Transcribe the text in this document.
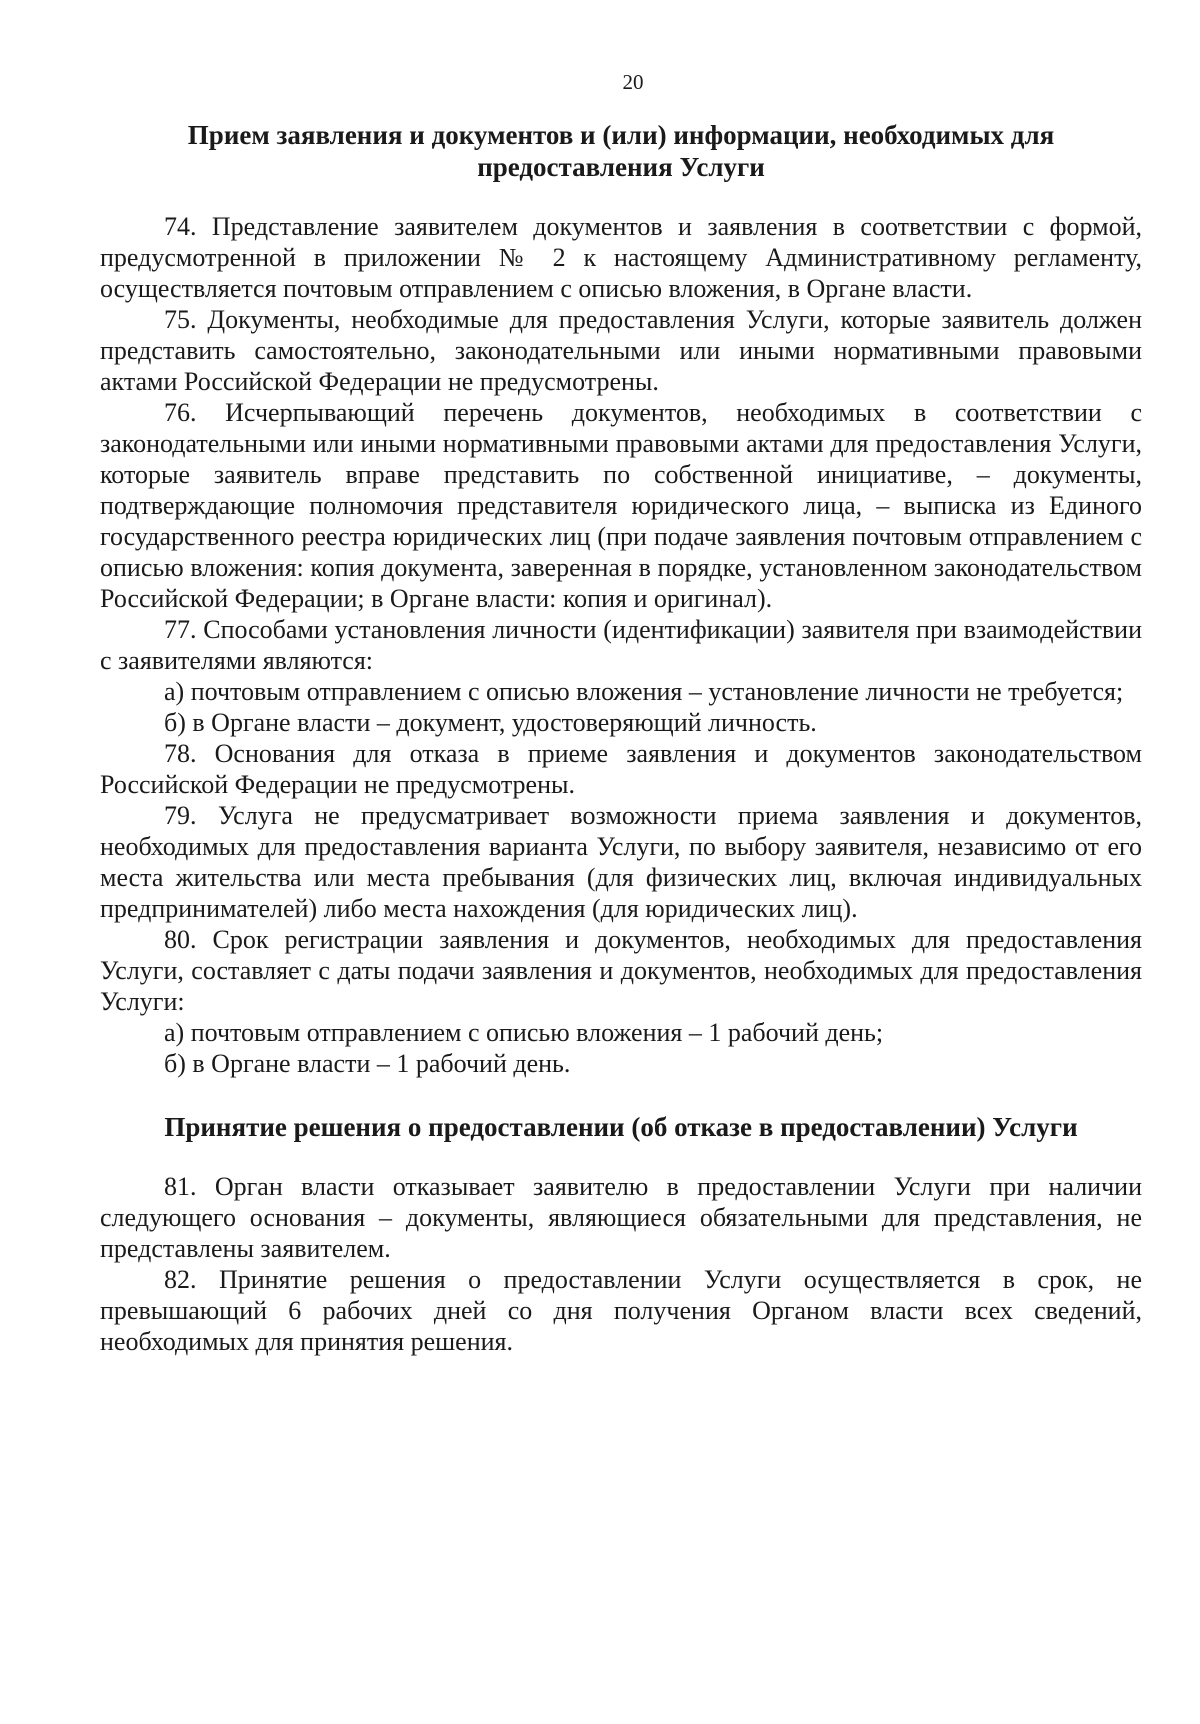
20
Прием заявления и документов и (или) информации, необходимых для предоставления Услуги

74. Представление заявителем документов и заявления в соответствии с формой, предусмотренной в приложении № 2 к настоящему Административному регламенту, осуществляется почтовым отправлением с описью вложения, в Органе власти.

75. Документы, необходимые для предоставления Услуги, которые заявитель должен представить самостоятельно, законодательными или иными нормативными правовыми актами Российской Федерации не предусмотрены.

76. Исчерпывающий перечень документов, необходимых в соответствии с законодательными или иными нормативными правовыми актами для предоставления Услуги, которые заявитель вправе представить по собственной инициативе, – документы, подтверждающие полномочия представителя юридического лица, – выписка из Единого государственного реестра юридических лиц (при подаче заявления почтовым отправлением с описью вложения: копия документа, заверенная в порядке, установленном законодательством Российской Федерации; в Органе власти: копия и оригинал).

77. Способами установления личности (идентификации) заявителя при взаимодействии с заявителями являются:

а) почтовым отправлением с описью вложения – установление личности не требуется;

б) в Органе власти – документ, удостоверяющий личность.

78. Основания для отказа в приеме заявления и документов законодательством Российской Федерации не предусмотрены.

79. Услуга не предусматривает возможности приема заявления и документов, необходимых для предоставления варианта Услуги, по выбору заявителя, независимо от его места жительства или места пребывания (для физических лиц, включая индивидуальных предпринимателей) либо места нахождения (для юридических лиц).

80. Срок регистрации заявления и документов, необходимых для предоставления Услуги, составляет с даты подачи заявления и документов, необходимых для предоставления Услуги:

а) почтовым отправлением с описью вложения – 1 рабочий день;

б) в Органе власти – 1 рабочий день.

Принятие решения о предоставлении (об отказе в предоставлении) Услуги

81. Орган власти отказывает заявителю в предоставлении Услуги при наличии следующего основания – документы, являющиеся обязательными для представления, не представлены заявителем.

82. Принятие решения о предоставлении Услуги осуществляется в срок, не превышающий 6 рабочих дней со дня получения Органом власти всех сведений, необходимых для принятия решения.
